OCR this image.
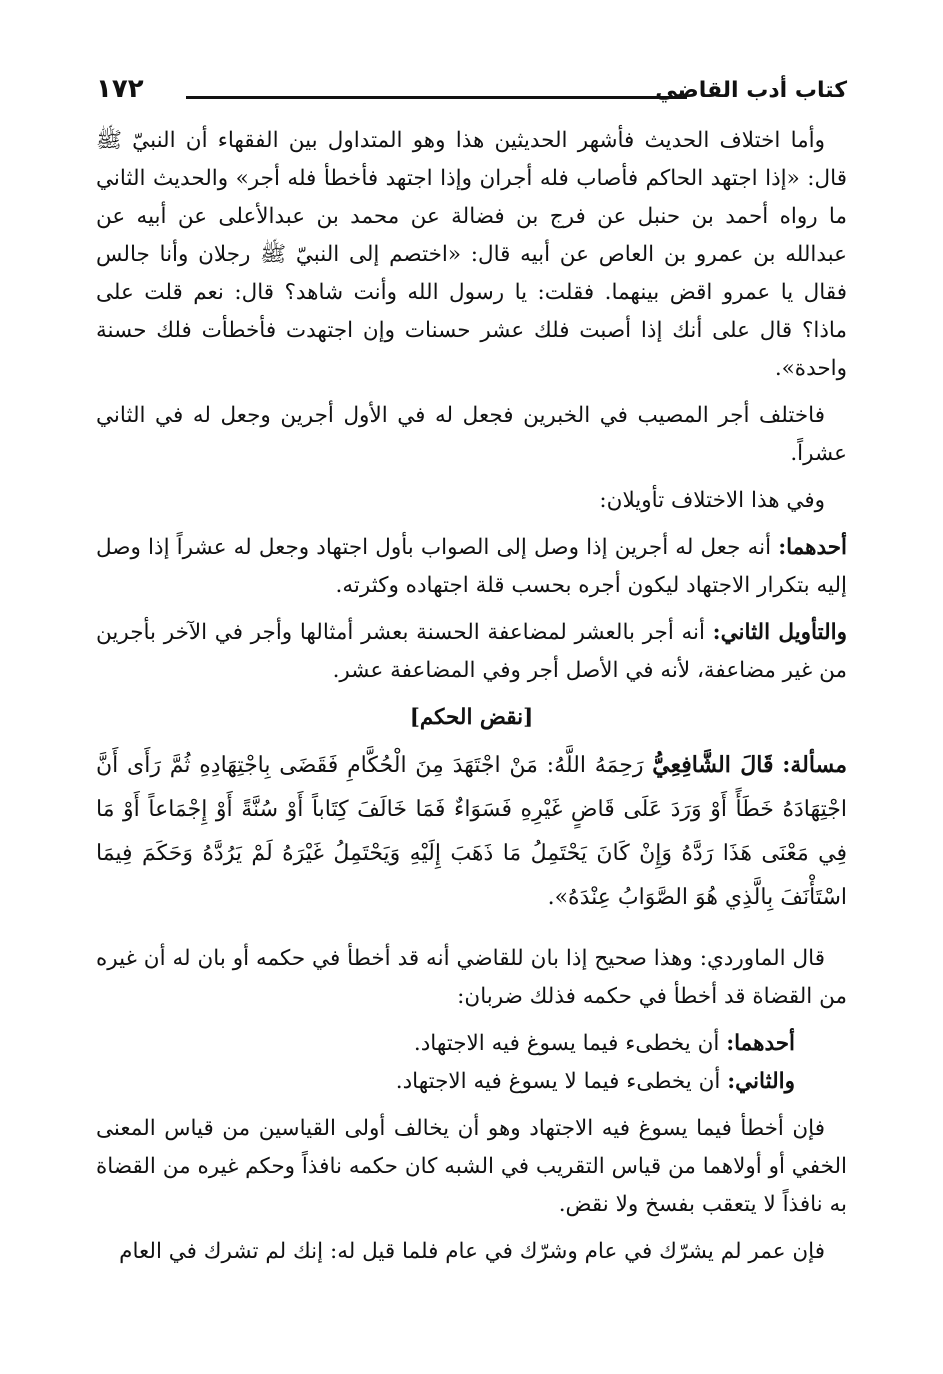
كتاب أدب القاضي
١٧٢

وأما اختلاف الحديث فأشهر الحديثين هذا وهو المتداول بين الفقهاء أن النبيّ ﷺ قال: «إذا اجتهد الحاكم فأصاب فله أجران وإذا اجتهد فأخطأ فله أجر» والحديث الثاني ما رواه أحمد بن حنبل عن فرج بن فضالة عن محمد بن عبدالأعلى عن أبيه عن عبدالله بن عمرو بن العاص عن أبيه قال: «اختصم إلى النبيّ ﷺ رجلان وأنا جالس فقال يا عمرو اقض بينهما. فقلت: يا رسول الله وأنت شاهد؟ قال: نعم قلت على ماذا؟ قال على أنك إذا أصبت فلك عشر حسنات وإن اجتهدت فأخطأت فلك حسنة واحدة».

فاختلف أجر المصيب في الخبرين فجعل له في الأول أجرين وجعل له في الثاني عشراً.

وفي هذا الاختلاف تأويلان:

أحدهما: أنه جعل له أجرين إذا وصل إلى الصواب بأول اجتهاد وجعل له عشراً إذا وصل إليه بتكرار الاجتهاد ليكون أجره بحسب قلة اجتهاده وكثرته.

والتأويل الثاني: أنه أجر بالعشر لمضاعفة الحسنة بعشر أمثالها وأجر في الآخر بأجرين من غير مضاعفة، لأنه في الأصل أجر وفي المضاعفة عشر.

[نقض الحكم]

مسألة: قَالَ الشَّافِعِيُّ رَحِمَهُ اللَّهُ: مَنْ اجْتَهَدَ مِنَ الْحُكَّامِ فَقَضَى بِاجْتِهَادِهِ ثُمَّ رَأَى أَنَّ اجْتِهَادَهُ خَطَأً أَوْ وَرَدَ عَلَى قَاضٍ غَيْرِهِ فَسَوَاءٌ فَمَا خَالَفَ كِتَاباً أَوْ سُنَّةً أَوْ إِجْمَاعاً أَوْ مَا فِي مَعْنَى هَذَا رَدَّهُ وَإِنْ كَانَ يَحْتَمِلُ مَا ذَهَبَ إِلَيْهِ وَيَحْتَمِلُ غَيْرَهُ لَمْ يَرُدَّهُ وَحَكَمَ فِيمَا اسْتَأْنَفَ بِالَّذِي هُوَ الصَّوَابُ عِنْدَهُ».

قال الماوردي: وهذا صحيح إذا بان للقاضي أنه قد أخطأ في حكمه أو بان له أن غيره من القضاة قد أخطأ في حكمه فذلك ضربان:

أحدهما: أن يخطىء فيما يسوغ فيه الاجتهاد.

والثاني: أن يخطىء فيما لا يسوغ فيه الاجتهاد.

فإن أخطأ فيما يسوغ فيه الاجتهاد وهو أن يخالف أولى القياسين من قياس المعنى الخفي أو أولاهما من قياس التقريب في الشبه كان حكمه نافذاً وحكم غيره من القضاة به نافذاً لا يتعقب بفسخ ولا نقض.

فإن عمر لم يشرّك في عام وشرّك في عام فلما قيل له: إنك لم تشرك في العام
